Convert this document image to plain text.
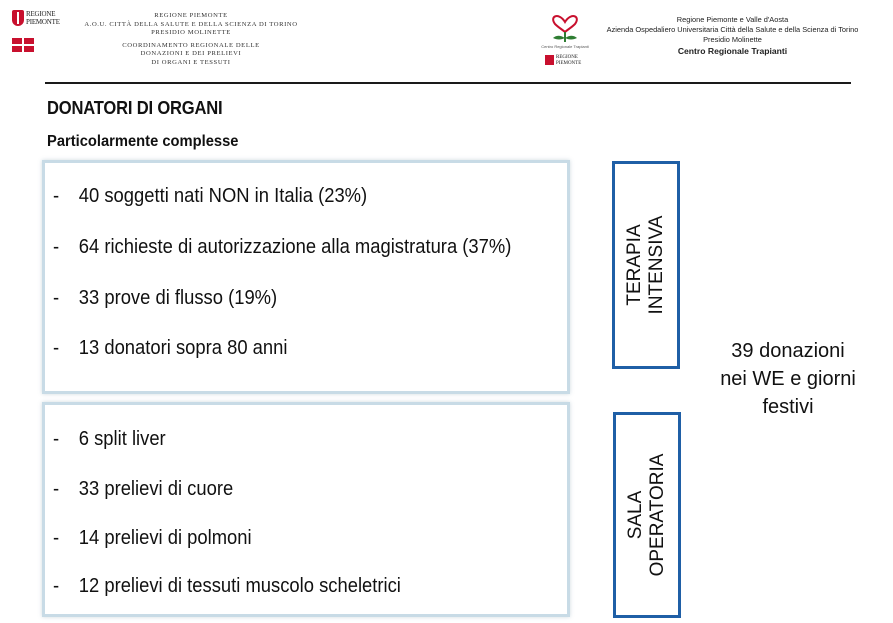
REGIONE
PIEMONTE
REGIONE PIEMONTE
A.O.U. CITTÀ DELLA SALUTE E DELLA SCIENZA DI TORINO
PRESIDIO MOLINETTE
COORDINAMENTO REGIONALE DELLE
DONAZIONI E DEI PRELIEVI
DI ORGANI E TESSUTI
Centro Regionale Trapianti
REGIONE
PIEMONTE
Regione Piemonte e Valle d'Aosta
Azienda Ospedaliero Universitaria Città della Salute e della Scienza di Torino
Presidio Molinette
Centro Regionale Trapianti
DONATORI DI ORGANI
Particolarmente complesse
- 40 soggetti nati NON in Italia (23%)
- 64 richieste di autorizzazione alla magistratura (37%)
- 33 prove di flusso (19%)
- 13 donatori sopra 80 anni
- 6 split liver
- 33 prelievi di cuore
- 14 prelievi di polmoni
- 12 prelievi di tessuti muscolo scheletrici
TERAPIA INTENSIVA
SALA OPERATORIA
39 donazioni
nei WE e giorni
festivi
